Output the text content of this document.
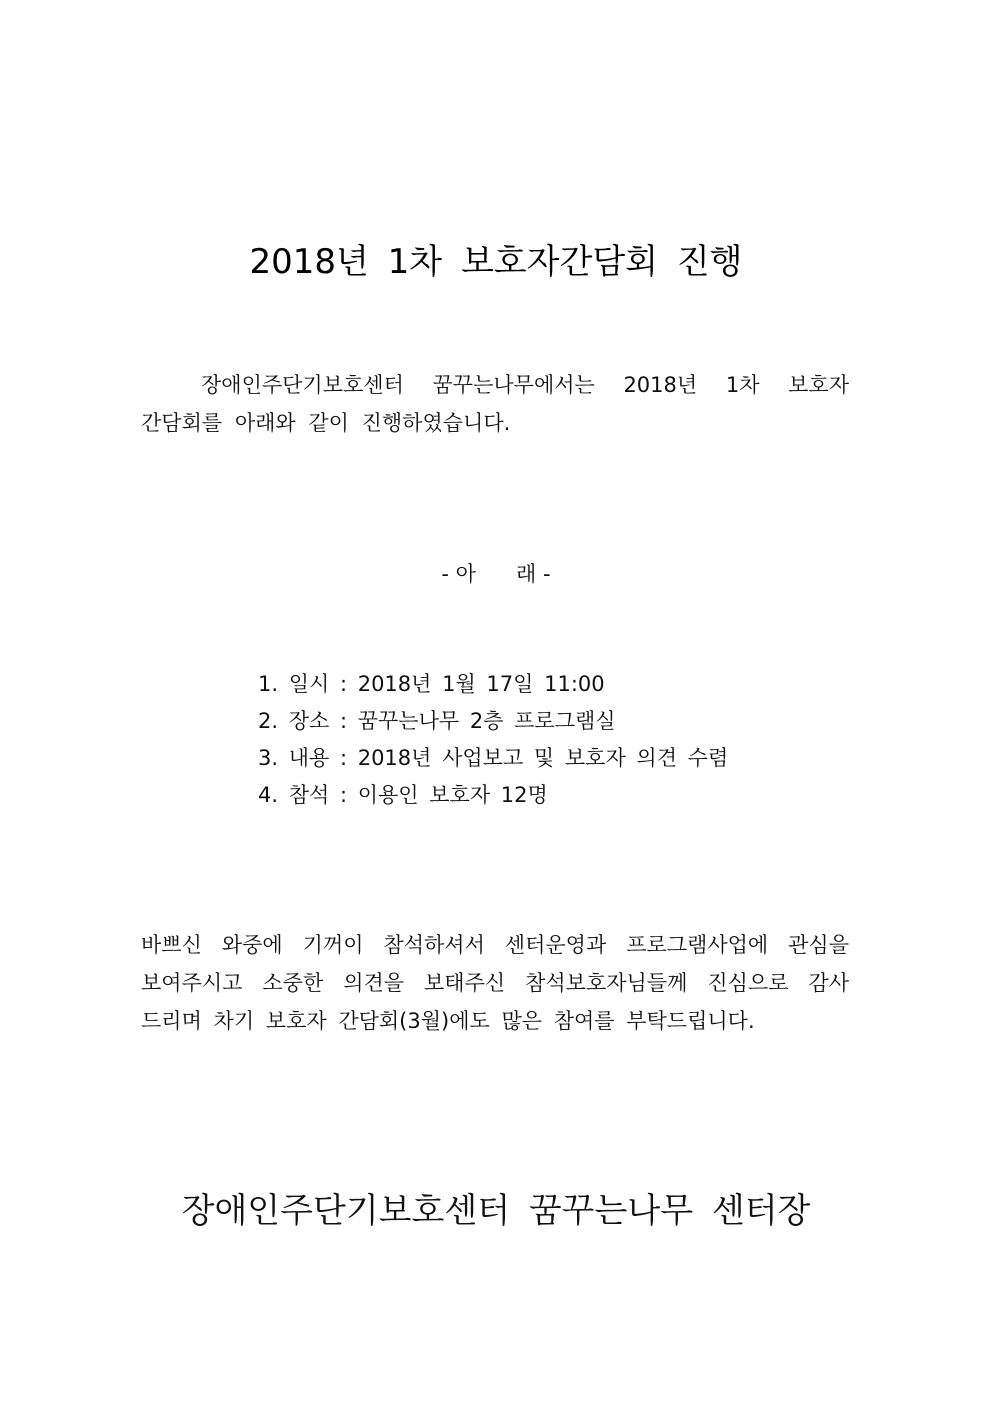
2018년 1차 보호자간담회 진행
장애인주단기보호센터 꿈꾸는나무에서는 2018년 1차 보호자
간담회를 아래와 같이 진행하였습니다.
- 아      래 -
1. 일시 : 2018년 1월 17일 11:00
2. 장소 : 꿈꾸는나무 2층 프로그램실
3. 내용 : 2018년 사업보고 및 보호자 의견 수렴
4. 참석 : 이용인 보호자 12명
바쁘신 와중에 기꺼이 참석하셔서 센터운영과 프로그램사업에 관심을
보여주시고 소중한 의견을 보태주신 참석보호자님들께 진심으로 감사
드리며 차기 보호자 간담회(3월)에도 많은 참여를 부탁드립니다.
장애인주단기보호센터 꿈꾸는나무 센터장
